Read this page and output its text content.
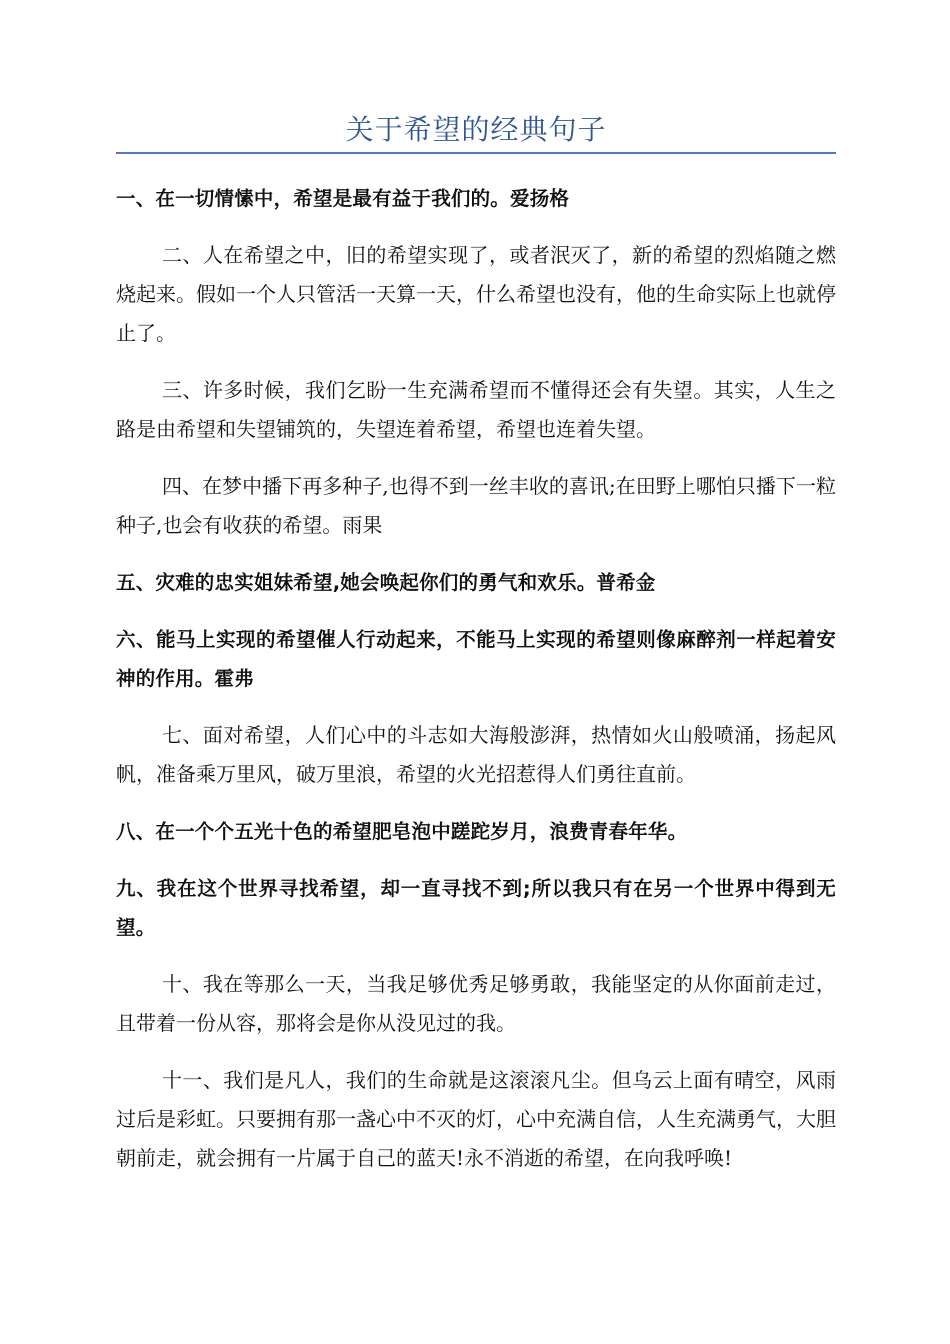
关于希望的经典句子

一、在一切情愫中，希望是最有益于我们的。爱扬格

二、人在希望之中，旧的希望实现了，或者泯灭了，新的希望的烈焰随之燃烧起来。假如一个人只管活一天算一天，什么希望也没有，他的生命实际上也就停止了。

三、许多时候，我们乞盼一生充满希望而不懂得还会有失望。其实，人生之路是由希望和失望铺筑的，失望连着希望，希望也连着失望。

四、在梦中播下再多种子,也得不到一丝丰收的喜讯;在田野上哪怕只播下一粒种子,也会有收获的希望。雨果

五、灾难的忠实姐妹希望,她会唤起你们的勇气和欢乐。普希金

六、能马上实现的希望催人行动起来，不能马上实现的希望则像麻醉剂一样起着安神的作用。霍弗

七、面对希望，人们心中的斗志如大海般澎湃，热情如火山般喷涌，扬起风帆，准备乘万里风，破万里浪，希望的火光招惹得人们勇往直前。

八、在一个个五光十色的希望肥皂泡中蹉跎岁月，浪费青春年华。

九、我在这个世界寻找希望，却一直寻找不到;所以我只有在另一个世界中得到无望。

十、我在等那么一天，当我足够优秀足够勇敢，我能坚定的从你面前走过，且带着一份从容，那将会是你从没见过的我。

十一、我们是凡人，我们的生命就是这滚滚凡尘。但乌云上面有晴空，风雨过后是彩虹。只要拥有那一盏心中不灭的灯，心中充满自信，人生充满勇气，大胆朝前走，就会拥有一片属于自己的蓝天!永不消逝的希望，在向我呼唤!
